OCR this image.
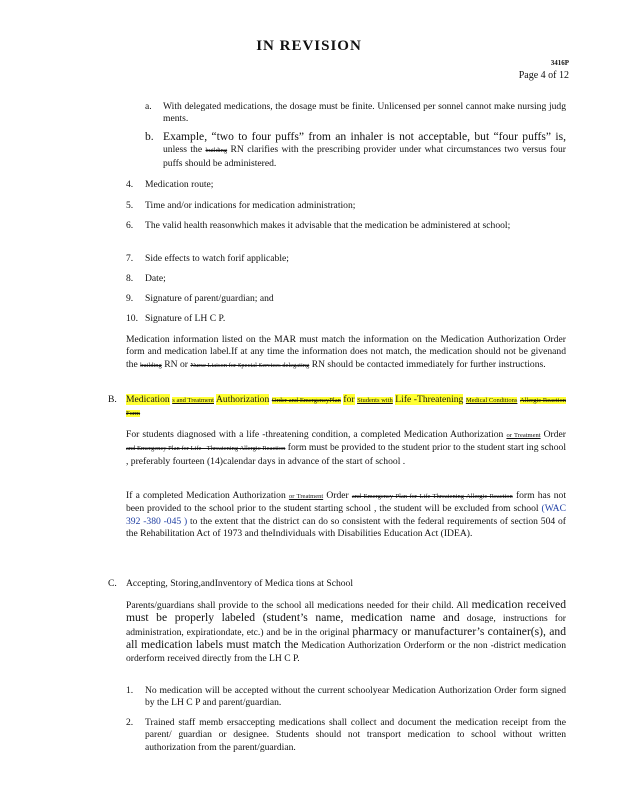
IN REVISION
3416P
Page 4 of 12
a. With delegated medications, the dosage must be finite. Unlicensed per sonnel cannot make nursing judg ments.
b. Example, “two to four puffs” from an inhaler is not acceptable, but “four puffs” is, unless the building RN clarifies with the prescribing provider under what circumstances two versus four puffs should be administered.
4. Medication route;
5. Time and/or indications for medication administration;
6. The valid health reasonwhich makes it advisable that the medication be administered at school;
7. Side effects to watch forif applicable;
8. Date;
9. Signature of parent/guardian; and
10. Signature of LH C P.
Medication information listed on the MAR must match the information on the Medication Authorization Order form and medication label.If at any time the information does not match, the medication should not be givenand the building RN or Nurse Liaison for Special Services delegating RN should be contacted immediately for further instructions.
B. Medication s and Treatment Authorization Order and EmergencyPlan for Students with Life -Threatening Medical Conditions Allergic Reaction Form
For students diagnosed with a life -threatening condition, a completed Medication Authorization or Treatment Order and Emergency Plan for Life - Threatening Allergic Reaction form must be provided to the student prior to the student start ing school , preferably fourteen (14)calendar days in advance of the start of school .
If a completed Medication Authorization or Treatment Order and Emergency Plan for Life Threatening Allergic Reaction form has not been provided to the school prior to the student starting school , the student will be excluded from school (WAC 392 -380 -045 ) to the extent that the district can do so consistent with the federal requirements of section 504 of the Rehabilitation Act of 1973 and theIndividuals with Disabilities Education Act (IDEA).
C. Accepting, Storing,andInventory of Medica tions at School
Parents/guardians shall provide to the school all medications needed for their child. All medication received must be properly labeled (student’s name, medication name and dosage, instructions for administration, expirationdate, etc.) and be in the original pharmacy or manufacturer’s container(s), and all medication labels must match the Medication Authorization Orderform or the non -district medication orderform received directly from the LH C P.
1. No medication will be accepted without the current schoolyear Medication Authorization Order form signed by the LH C P and parent/guardian.
2. Trained staff memb ersaccepting medications shall collect and document the medication receipt from the parent/ guardian or designee. Students should not transport medication to school without written authorization from the parent/guardian.
